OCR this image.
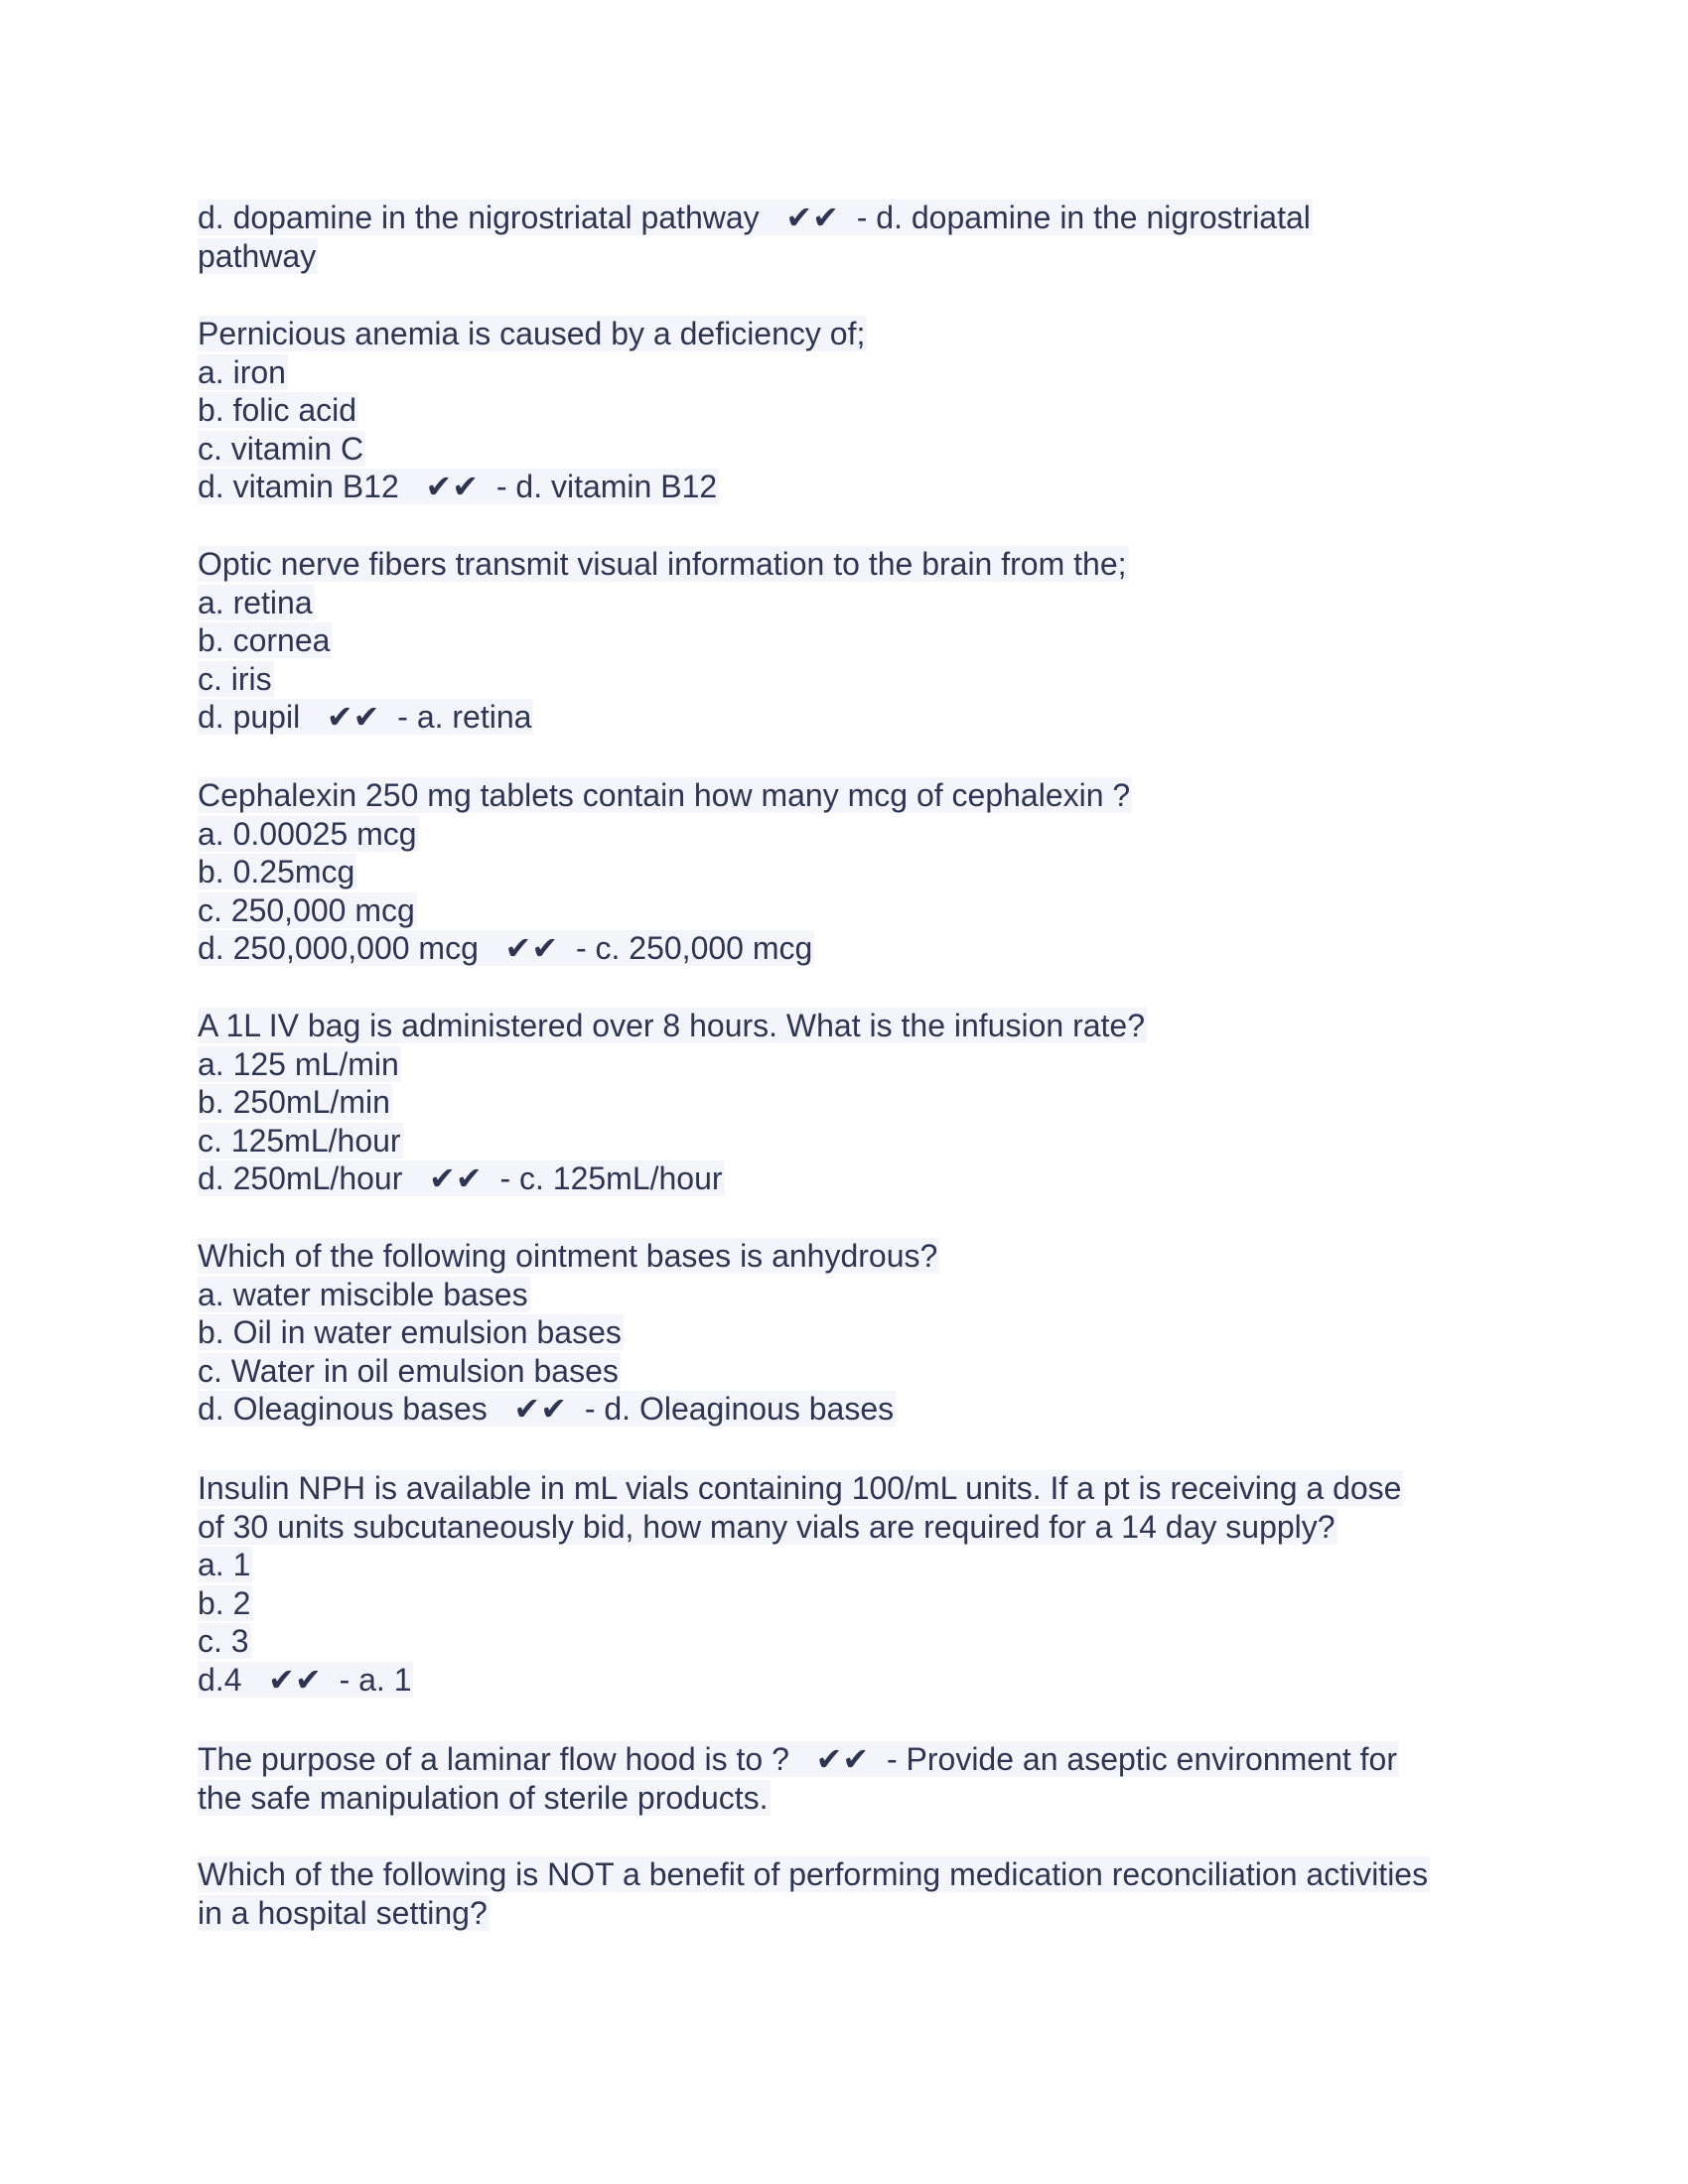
d. dopamine in the nigrostriatal pathway   ✔✔  - d. dopamine in the nigrostriatal
pathway
Pernicious anemia is caused by a deficiency of;
a. iron
b. folic acid
c. vitamin C
d. vitamin B12   ✔✔  - d. vitamin B12
Optic nerve fibers transmit visual information to the brain from the;
a. retina
b. cornea
c. iris
d. pupil   ✔✔  - a. retina
Cephalexin 250 mg tablets contain how many mcg of cephalexin ?
a. 0.00025 mcg
b. 0.25mcg
c. 250,000 mcg
d. 250,000,000 mcg   ✔✔  - c. 250,000 mcg
A 1L IV bag is administered over 8 hours. What is the infusion rate?
a. 125 mL/min
b. 250mL/min
c. 125mL/hour
d. 250mL/hour   ✔✔  - c. 125mL/hour
Which of the following ointment bases is anhydrous?
a. water miscible bases
b. Oil in water emulsion bases
c. Water in oil emulsion bases
d. Oleaginous bases   ✔✔  - d. Oleaginous bases
Insulin NPH is available in mL vials containing 100/mL units. If a pt is receiving a dose
of 30 units subcutaneously bid, how many vials are required for a 14 day supply?
a. 1
b. 2
c. 3
d.4   ✔✔  - a. 1
The purpose of a laminar flow hood is to ?   ✔✔  - Provide an aseptic environment for
the safe manipulation of sterile products.
Which of the following is NOT a benefit of performing medication reconciliation activities
in a hospital setting?
